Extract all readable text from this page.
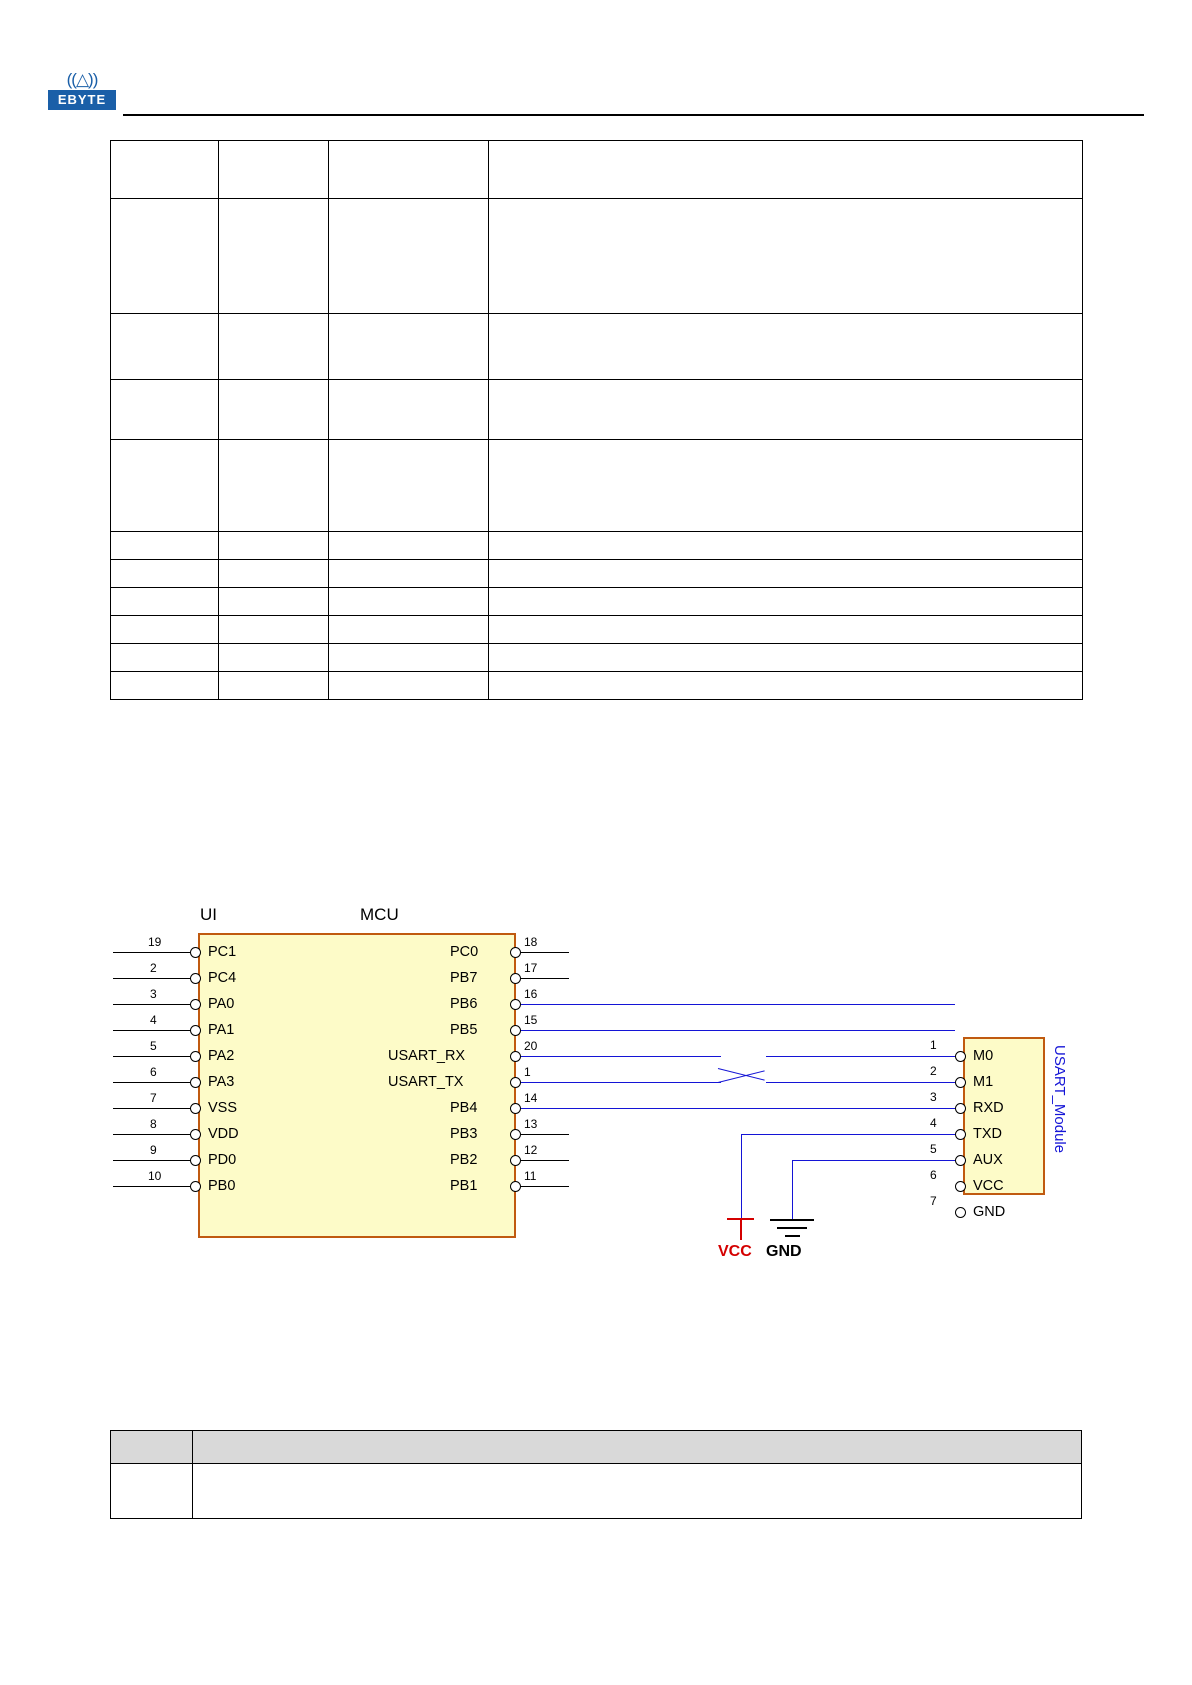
((△))
EBYTE

UI	MCU
USART_Module
19
PC1
2
PC4
3
PA0
4
PA1
5
PA2
6
PA3
7
VSS
8
VDD
9
PD0
10
PB0
PC0
18
PB7
17
PB6
16
PB5
15
USART_RX
20
USART_TX
1
PB4
14
PB3
13
PB2
12
PB1
11
1
M0
2
M1
3
RXD
4
TXD
5
AUX
6
VCC
7
GND
VCC GND
